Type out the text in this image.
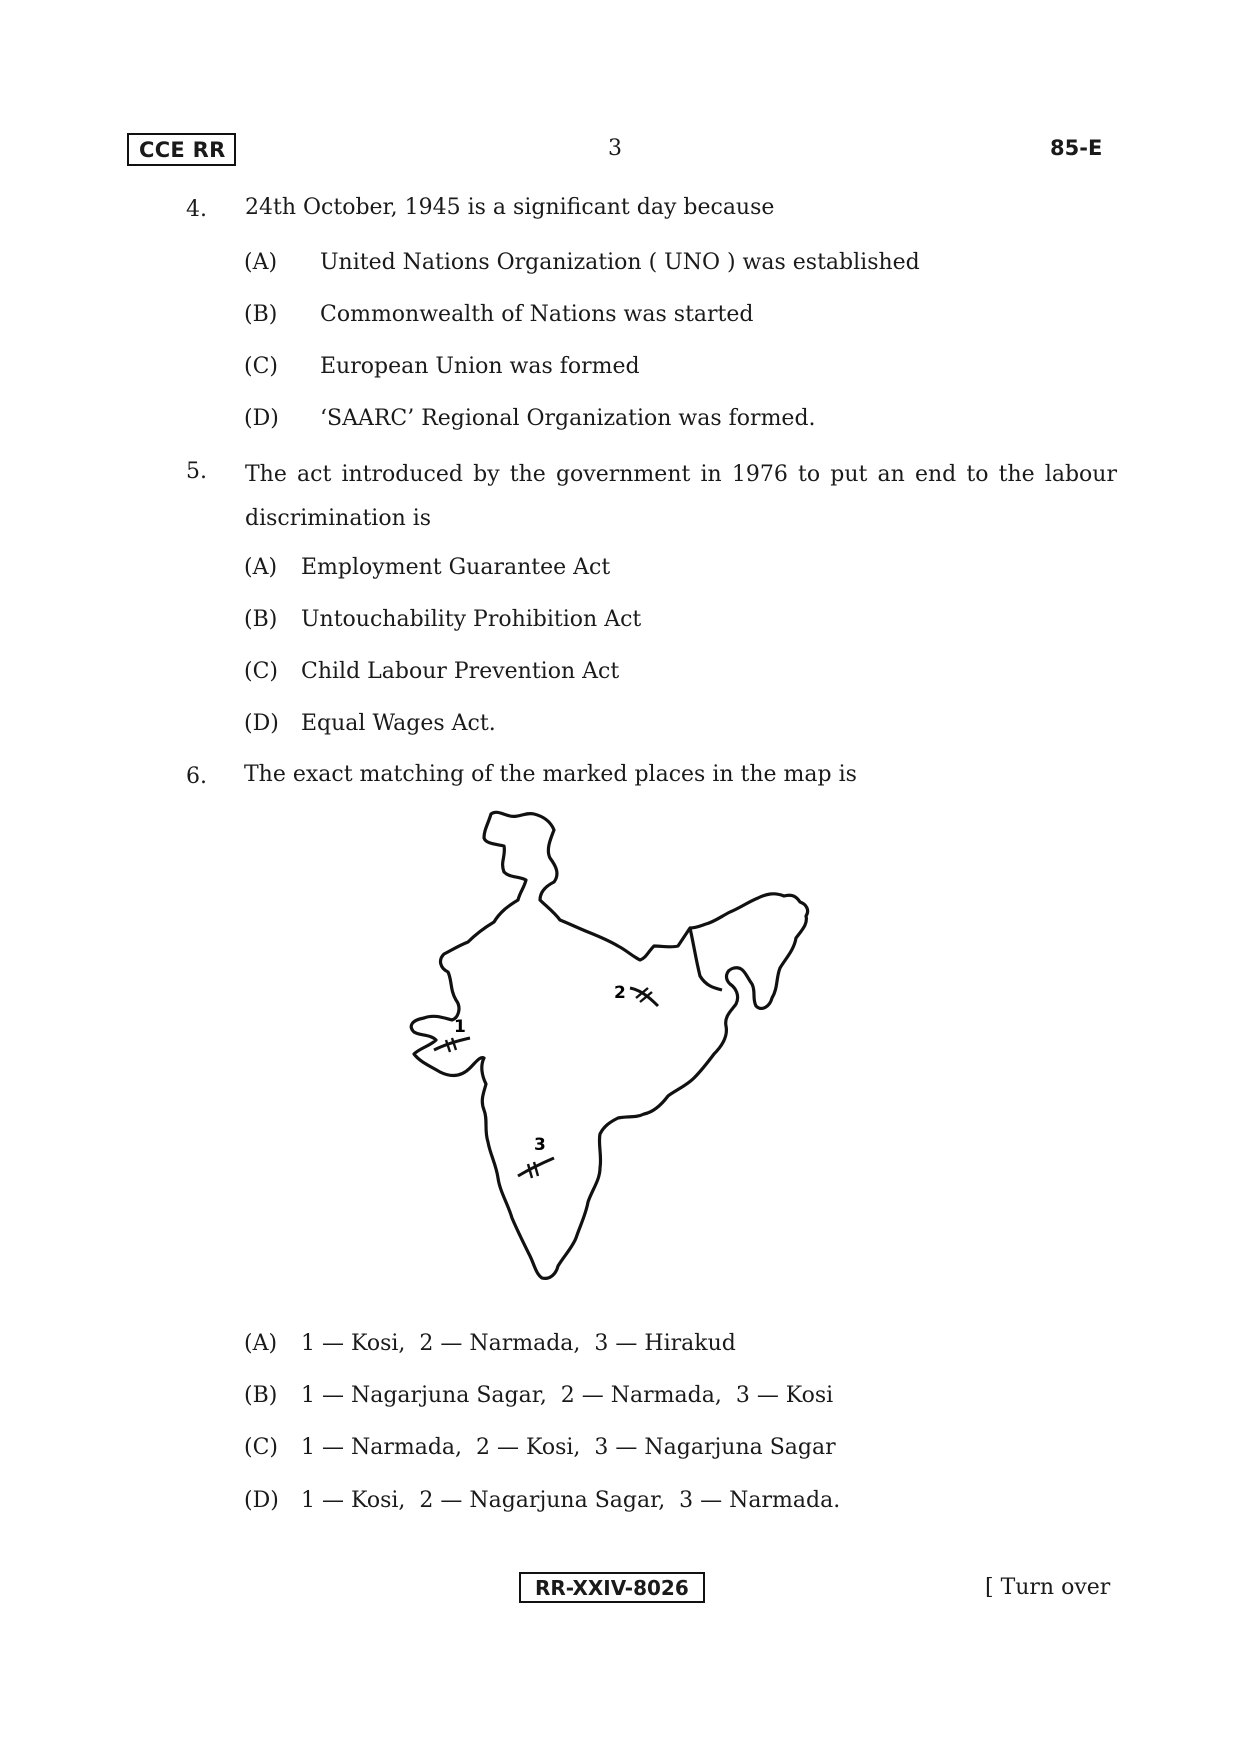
CCE RR	3	85-E
4. 24th October, 1945 is a significant day because
(A) United Nations Organization ( UNO ) was established
(B) Commonwealth of Nations was started
(C) European Union was formed
(D) ‘SAARC’ Regional Organization was formed.
5. The act introduced by the government in 1976 to put an end to the labour discrimination is
(A) Employment Guarantee Act
(B) Untouchability Prohibition Act
(C) Child Labour Prevention Act
(D) Equal Wages Act.
6. The exact matching of the marked places in the map is
1
2
3
(A) 1 — Kosi,  2 — Narmada,  3 — Hirakud
(B) 1 — Nagarjuna Sagar,  2 — Narmada,  3 — Kosi
(C) 1 — Narmada,  2 — Kosi,  3 — Nagarjuna Sagar
(D) 1 — Kosi,  2 — Nagarjuna Sagar,  3 — Narmada.
RR-XXIV-8026	[ Turn over
